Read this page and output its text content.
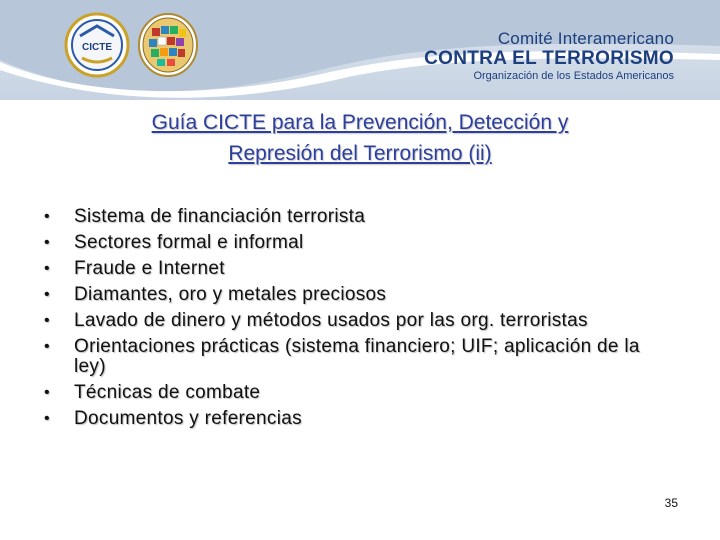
CICTE	Comité Interamericano
CONTRA EL TERRORISMO
Organización de los Estados Americanos
Guía CICTE para la Prevención, Detección y
Represión del Terrorismo (ii)
• Sistema de financiación terrorista
• Sectores formal e informal
• Fraude e Internet
• Diamantes, oro y metales preciosos
• Lavado de dinero y métodos usados por las org. terroristas
• Orientaciones prácticas (sistema financiero; UIF; aplicación de la ley)
• Técnicas de combate
• Documentos y referencias
35
